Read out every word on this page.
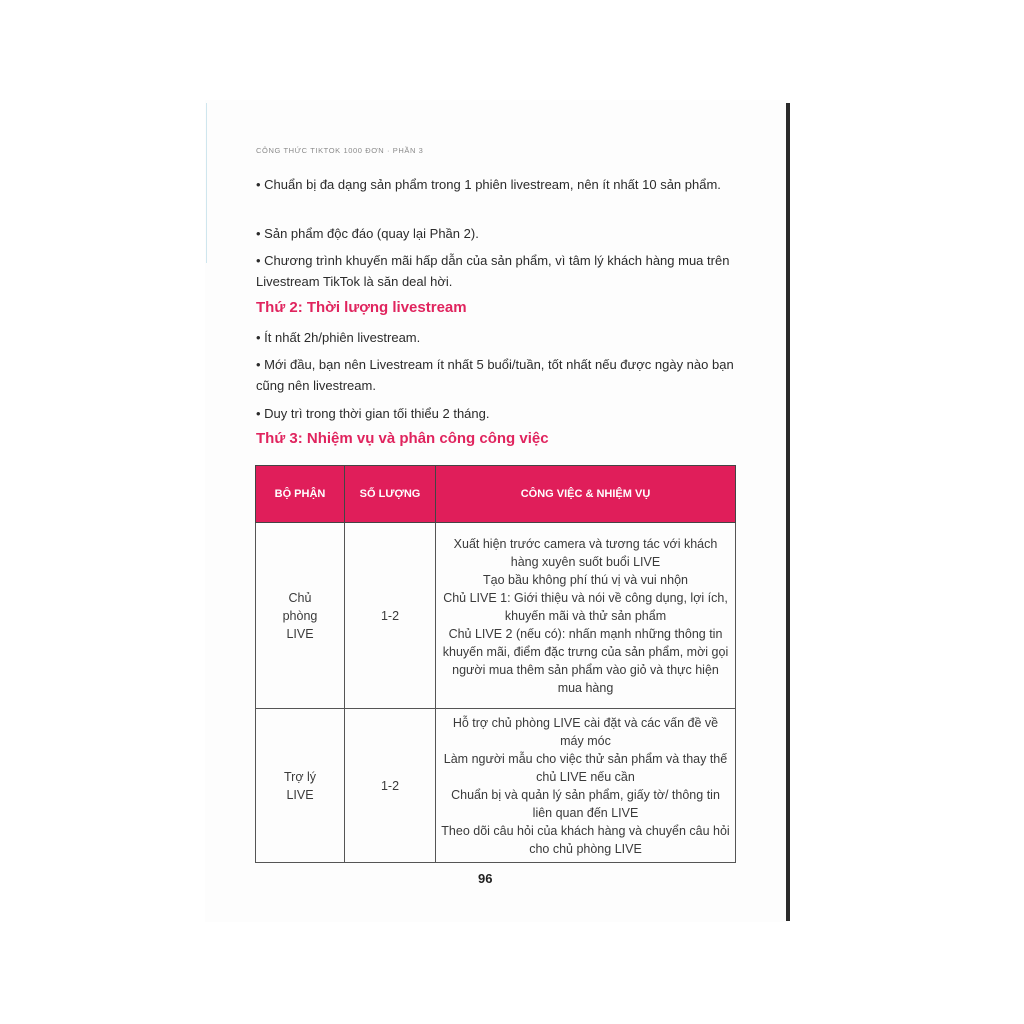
CÔNG THỨC TIKTOK 1000 ĐƠN · PHẦN 3
• Chuẩn bị đa dạng sản phẩm trong 1 phiên livestream, nên ít nhất 10 sản phẩm.
• Sản phẩm độc đáo (quay lại Phần 2).
• Chương trình khuyến mãi hấp dẫn của sản phẩm, vì tâm lý khách hàng mua trên Livestream TikTok là săn deal hời.
Thứ 2: Thời lượng livestream
• Ít nhất 2h/phiên livestream.
• Mới đầu, bạn nên Livestream ít nhất 5 buổi/tuần, tốt nhất nếu được ngày nào bạn cũng nên livestream.
• Duy trì trong thời gian tối thiểu 2 tháng.
Thứ 3: Nhiệm vụ và phân công công việc
BỘ PHẬN	SỐ LƯỢNG	CÔNG VIỆC & NHIỆM VỤ
Chủ phòng LIVE	1-2	Xuất hiện trước camera và tương tác với khách hàng xuyên suốt buổi LIVE
Tạo bầu không phí thú vị và vui nhộn
Chủ LIVE 1: Giới thiệu và nói về công dụng, lợi ích, khuyến mãi và thử sản phẩm
Chủ LIVE 2 (nếu có): nhấn mạnh những thông tin khuyến mãi, điểm đặc trưng của sản phẩm, mời gọi người mua thêm sản phẩm vào giỏ và thực hiện mua hàng

Trợ lý LIVE	1-2	Hỗ trợ chủ phòng LIVE cài đặt và các vấn đề về máy móc
Làm người mẫu cho việc thử sản phẩm và thay thế chủ LIVE nếu cần
Chuẩn bị và quản lý sản phẩm, giấy tờ/ thông tin liên quan đến LIVE
Theo dõi câu hỏi của khách hàng và chuyển câu hỏi cho chủ phòng LIVE
96
